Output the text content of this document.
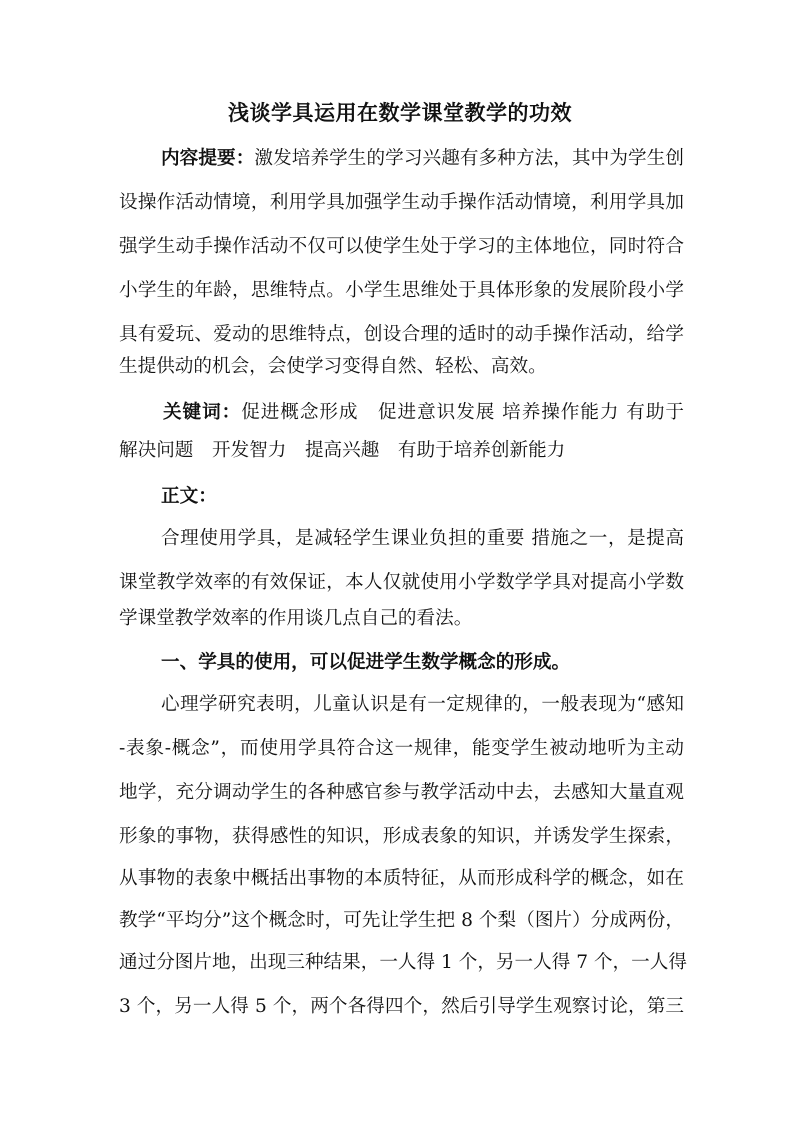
浅谈学具运用在数学课堂教学的功效
内容提要：激发培养学生的学习兴趣有多种方法，其中为学生创
设操作活动情境，利用学具加强学生动手操作活动情境，利用学具加
强学生动手操作活动不仅可以使学生处于学习的主体地位，同时符合
小学生的年龄，思维特点。小学生思维处于具体形象的发展阶段小学
具有爱玩、爱动的思维特点，创设合理的适时的动手操作活动，给学
生提供动的机会，会使学习变得自然、轻松、高效。
关键词：促进概念形成　促进意识发展 培养操作能力 有助于
解决问题　开发智力　提高兴趣　有助于培养创新能力
正文：
合理使用学具，是减轻学生课业负担的重要 措施之一，是提高
课堂教学效率的有效保证，本人仅就使用小学数学学具对提高小学数
学课堂教学效率的作用谈几点自己的看法。
一、学具的使用，可以促进学生数学概念的形成。
心理学研究表明，儿童认识是有一定规律的，一般表现为“感知
-表象-概念”，而使用学具符合这一规律，能变学生被动地听为主动
地学，充分调动学生的各种感官参与教学活动中去，去感知大量直观
形象的事物，获得感性的知识，形成表象的知识，并诱发学生探索，
从事物的表象中概括出事物的本质特征，从而形成科学的概念，如在
教学“平均分”这个概念时，可先让学生把 8 个梨（图片）分成两份，
通过分图片地，出现三种结果，一人得 1 个，另一人得 7 个，一人得
3 个，另一人得 5 个，两个各得四个，然后引导学生观察讨论，第三
